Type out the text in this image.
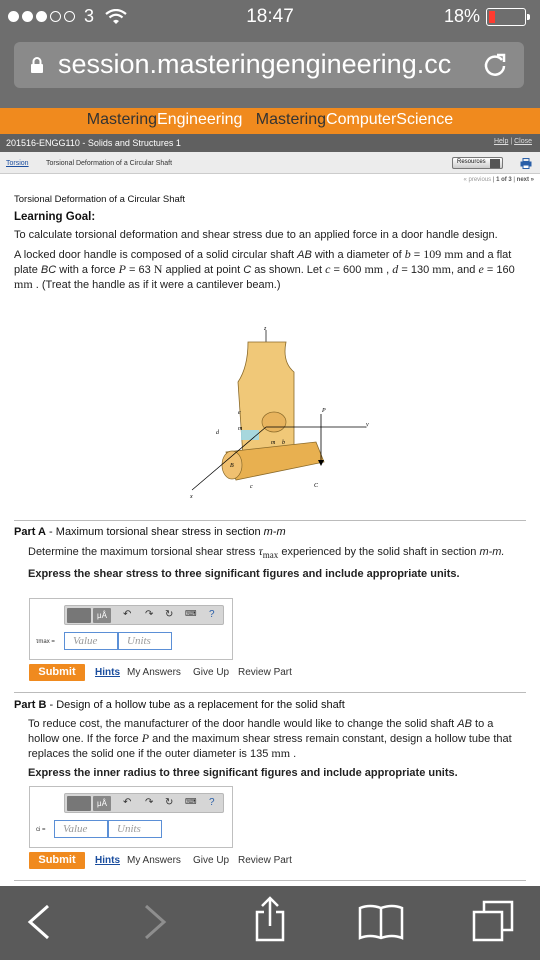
3	18:47	18%
session.masteringengineering.cc
MasteringEngineering MasteringComputerScience
201516-ENGG110 - Solids and Structures 1	Help | Close
Torsion Torsional Deformation of a Circular Shaft	Resources
« previous | 1 of 3 | next »
Torsional Deformation of a Circular Shaft
Learning Goal:
To calculate torsional deformation and shear stress due to an applied force in a door handle design.
A locked door handle is composed of a solid circular shaft AB with a diameter of b = 109 mm and a flat plate BC with a force P = 63 N applied at point C as shown. Let c = 600 mm , d = 130 mm, and e = 160 mm . (Treat the handle as if it were a cantilever beam.)
z
y
x
P
B
C
c
d
e
m
m b
Part A - Maximum torsional shear stress in section m-m
Determine the maximum torsional shear stress $\tau_{max}$ experienced by the solid shaft in section m-m.
Express the shear stress to three significant figures and include appropriate units.
μÅ	↶ ↷ ↻ ⌨ ?
τmax =	Value	Units
Submit	Hints My Answers Give Up Review Part
Part B - Design of a hollow tube as a replacement for the solid shaft
To reduce cost, the manufacturer of the door handle would like to change the solid shaft AB to a hollow one. If the force P and the maximum shear stress remain constant, design a hollow tube that replaces the solid one if the outer diameter is 135 mm .
Express the inner radius to three significant figures and include appropriate units.
μÅ	↶ ↷ ↻ ⌨ ?
ci =	Value	Units
Submit	Hints My Answers Give Up Review Part
